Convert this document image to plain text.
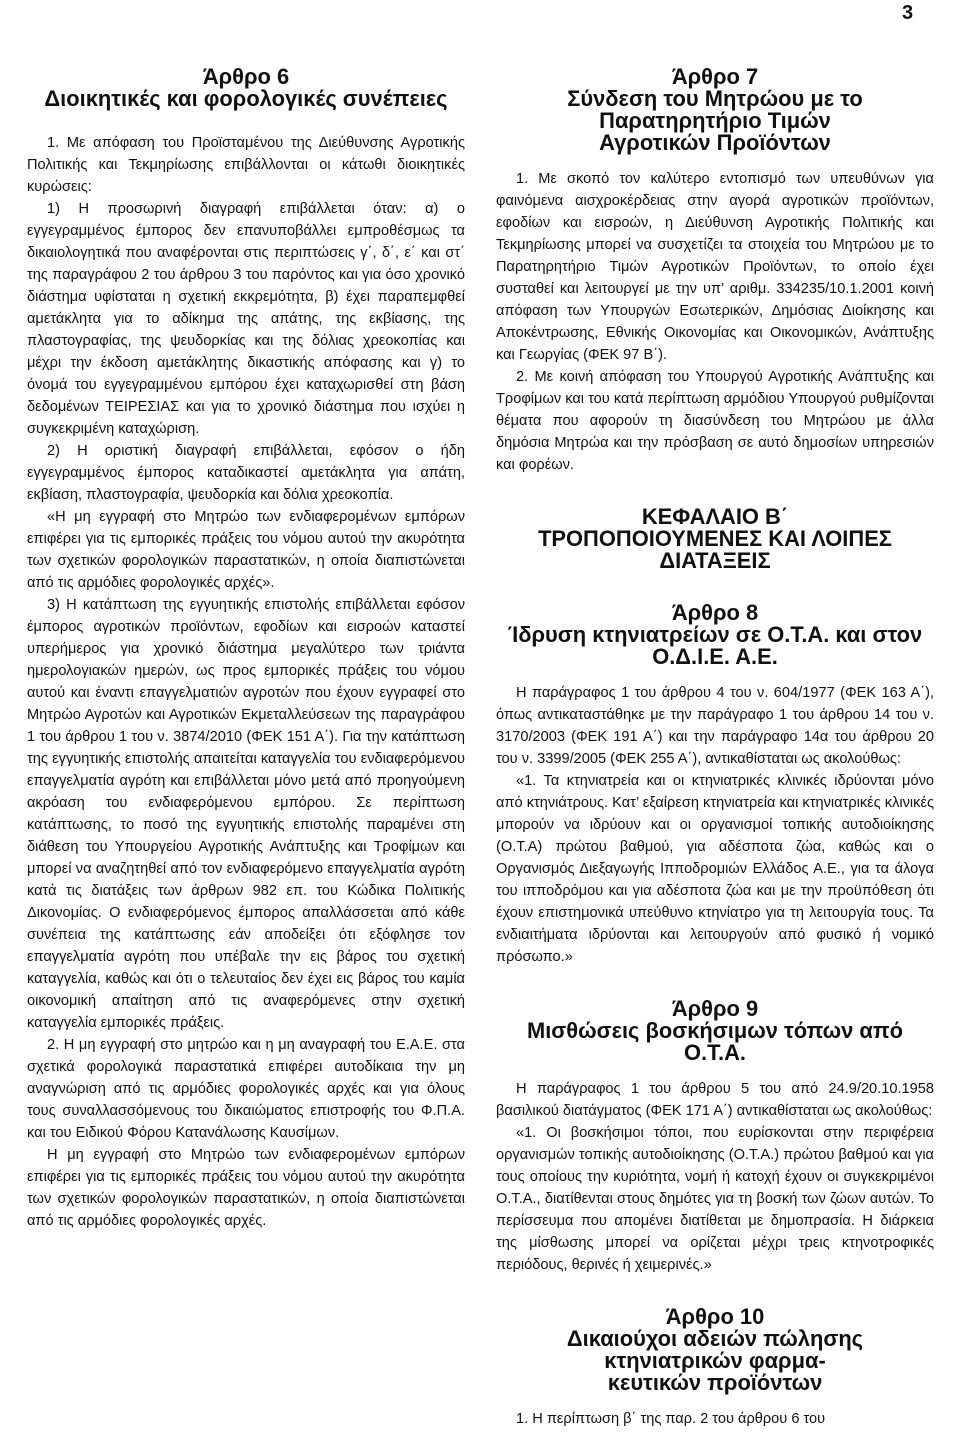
3
Άρθρο 6
Διοικητικές και φορολογικές συνέπειες

1. Με απόφαση του Προϊσταμένου της Διεύθυνσης Αγροτικής Πολιτικής και Τεκμηρίωσης επιβάλλονται οι κάτωθι διοικητικές κυρώσεις:

1) Η προσωρινή διαγραφή επιβάλλεται όταν: α) ο εγγεγραμμένος έμπορος δεν επανυποβάλλει εμπροθέσμως τα δικαιολογητικά που αναφέρονται στις περιπτώσεις γ΄, δ΄, ε΄ και στ΄ της παραγράφου 2 του άρθρου 3 του παρόντος και για όσο χρονικό διάστημα υφίσταται η σχετική εκκρεμότητα, β) έχει παραπεμφθεί αμετάκλητα για το αδίκημα της απάτης, της εκβίασης, της πλαστογραφίας, της ψευδορκίας και της δόλιας χρεοκοπίας και μέχρι την έκδοση αμετάκλητης δικαστικής απόφασης και γ) το όνομά του εγγεγραμμένου εμπόρου έχει καταχωρισθεί στη βάση δεδομένων ΤΕΙΡΕΣΙΑΣ και για το χρονικό διάστημα που ισχύει η συγκεκριμένη καταχώριση.

2) Η οριστική διαγραφή επιβάλλεται, εφόσον ο ήδη εγγεγραμμένος έμπορος καταδικαστεί αμετάκλητα για απάτη, εκβίαση, πλαστογραφία, ψευδορκία και δόλια χρεοκοπία.

«Η μη εγγραφή στο Μητρώο των ενδιαφερομένων εμπόρων επιφέρει για τις εμπορικές πράξεις του νόμου αυτού την ακυρότητα των σχετικών φορολογικών παραστατικών, η οποία διαπιστώνεται από τις αρμόδιες φορολογικές αρχές».

3) Η κατάπτωση της εγγυητικής επιστολής επιβάλλεται εφόσον έμπορος αγροτικών προϊόντων, εφοδίων και εισροών καταστεί υπερήμερος για χρονικό διάστημα μεγαλύτερο των τριάντα ημερολογιακών ημερών, ως προς εμπορικές πράξεις του νόμου αυτού και έναντι επαγγελματιών αγροτών που έχουν εγγραφεί στο Μητρώο Αγροτών και Αγροτικών Εκμεταλλεύσεων της παραγράφου 1 του άρθρου 1 του ν. 3874/2010 (ΦΕΚ 151 Α΄). Για την κατάπτωση της εγγυητικής επιστολής απαιτείται καταγγελία του ενδιαφερόμενου επαγγελματία αγρότη και επιβάλλεται μόνο μετά από προηγούμενη ακρόαση του ενδιαφερόμενου εμπόρου. Σε περίπτωση κατάπτωσης, το ποσό της εγγυητικής επιστολής παραμένει στη διάθεση του Υπουργείου Αγροτικής Ανάπτυξης και Τροφίμων και μπορεί να αναζητηθεί από τον ενδιαφερόμενο επαγγελματία αγρότη κατά τις διατάξεις των άρθρων 982 επ. του Κώδικα Πολιτικής Δικονομίας. Ο ενδιαφερόμενος έμπορος απαλλάσσεται από κάθε συνέπεια της κατάπτωσης εάν αποδείξει ότι εξόφλησε τον επαγγελματία αγρότη που υπέβαλε την εις βάρος του σχετική καταγγελία, καθώς και ότι ο τελευταίος δεν έχει εις βάρος του καμία οικονομική απαίτηση από τις αναφερόμενες στην σχετική καταγγελία εμπορικές πράξεις.

2. Η μη εγγραφή στο μητρώο και η μη αναγραφή του Ε.Α.Ε. στα σχετικά φορολογικά παραστατικά επιφέρει αυτοδίκαια την μη αναγνώριση από τις αρμόδιες φορολογικές αρχές και για όλους τους συναλλασσόμενους του δικαιώματος επιστροφής του Φ.Π.Α. και του Ειδικού Φόρου Κατανάλωσης Καυσίμων.

Η μη εγγραφή στο Μητρώο των ενδιαφερομένων εμπόρων επιφέρει για τις εμπορικές πράξεις του νόμου αυτού την ακυρότητα των σχετικών φορολογικών παραστατικών, η οποία διαπιστώνεται από τις αρμόδιες φορολογικές αρχές.

Άρθρο 7
Σύνδεση του Μητρώου με το Παρατηρητήριο Τιμών
Αγροτικών Προϊόντων

1. Με σκοπό τον καλύτερο εντοπισμό των υπευθύνων για φαινόμενα αισχροκέρδειας στην αγορά αγροτικών προϊόντων, εφοδίων και εισροών, η Διεύθυνση Αγροτικής Πολιτικής και Τεκμηρίωσης μπορεί να συσχετίζει τα στοιχεία του Μητρώου με το Παρατηρητήριο Τιμών Αγροτικών Προϊόντων, το οποίο έχει συσταθεί και λειτουργεί με την υπ’ αριθμ. 334235/10.1.2001 κοινή απόφαση των Υπουργών Εσωτερικών, Δημόσιας Διοίκησης και Αποκέντρωσης, Εθνικής Οικονομίας και Οικονομικών, Ανάπτυξης και Γεωργίας (ΦΕΚ 97 Β΄).

2. Με κοινή απόφαση του Υπουργού Αγροτικής Ανάπτυξης και Τροφίμων και του κατά περίπτωση αρμόδιου Υπουργού ρυθμίζονται θέματα που αφορούν τη διασύνδεση του Μητρώου με άλλα δημόσια Μητρώα και την πρόσβαση σε αυτό δημοσίων υπηρεσιών και φορέων.

ΚΕΦΑΛΑΙΟ Β΄
ΤΡΟΠΟΠΟΙΟΥΜΕΝΕΣ ΚΑΙ ΛΟΙΠΕΣ ΔΙΑΤΑΞΕΙΣ
Άρθρο 8
Ίδρυση κτηνιατρείων σε Ο.Τ.Α. και στον Ο.Δ.Ι.Ε. Α.Ε.

Η παράγραφος 1 του άρθρου 4 του ν. 604/1977 (ΦΕΚ 163 Α΄), όπως αντικαταστάθηκε με την παράγραφο 1 του άρθρου 14 του ν. 3170/2003 (ΦΕΚ 191 Α΄) και την παράγραφο 14α του άρθρου 20 του ν. 3399/2005 (ΦΕΚ 255 Α΄), αντικαθίσταται ως ακολούθως:

«1. Τα κτηνιατρεία και οι κτηνιατρικές κλινικές ιδρύονται μόνο από κτηνιάτρους. Κατ’ εξαίρεση κτηνιατρεία και κτηνιατρικές κλινικές μπορούν να ιδρύουν και οι οργανισμοί τοπικής αυτοδιοίκησης (Ο.Τ.Α) πρώτου βαθμού, για αδέσποτα ζώα, καθώς και ο Οργανισμός Διεξαγωγής Ιπποδρομιών Ελλάδος Α.Ε., για τα άλογα του ιπποδρόμου και για αδέσποτα ζώα και με την προϋπόθεση ότι έχουν επιστημονικά υπεύθυνο κτηνίατρο για τη λειτουργία τους. Τα ενδιαιτήματα ιδρύονται και λειτουργούν από φυσικό ή νομικό πρόσωπο.»

Άρθρο 9
Μισθώσεις βοσκήσιμων τόπων από Ο.Τ.Α.

Η παράγραφος 1 του άρθρου 5 του από 24.9/20.10.1958 βασιλικού διατάγματος (ΦΕΚ 171 Α΄) αντικαθίσταται ως ακολούθως:

«1. Οι βοσκήσιμοι τόποι, που ευρίσκονται στην περιφέρεια οργανισμών τοπικής αυτοδιοίκησης (Ο.Τ.Α.) πρώτου βαθμού και για τους οποίους την κυριότητα, νομή ή κατοχή έχουν οι συγκεκριμένοι Ο.Τ.Α., διατίθενται στους δημότες για τη βοσκή των ζώων αυτών. Το περίσσευμα που απομένει διατίθεται με δημοπρασία. Η διάρκεια της μίσθωσης μπορεί να ορίζεται μέχρι τρεις κτηνοτροφικές περιόδους, θερινές ή χειμερινές.»

Άρθρο 10
Δικαιούχοι αδειών πώλησης κτηνιατρικών φαρμα-
κευτικών προϊόντων

1. Η περίπτωση β΄ της παρ. 2 του άρθρου 6 του
